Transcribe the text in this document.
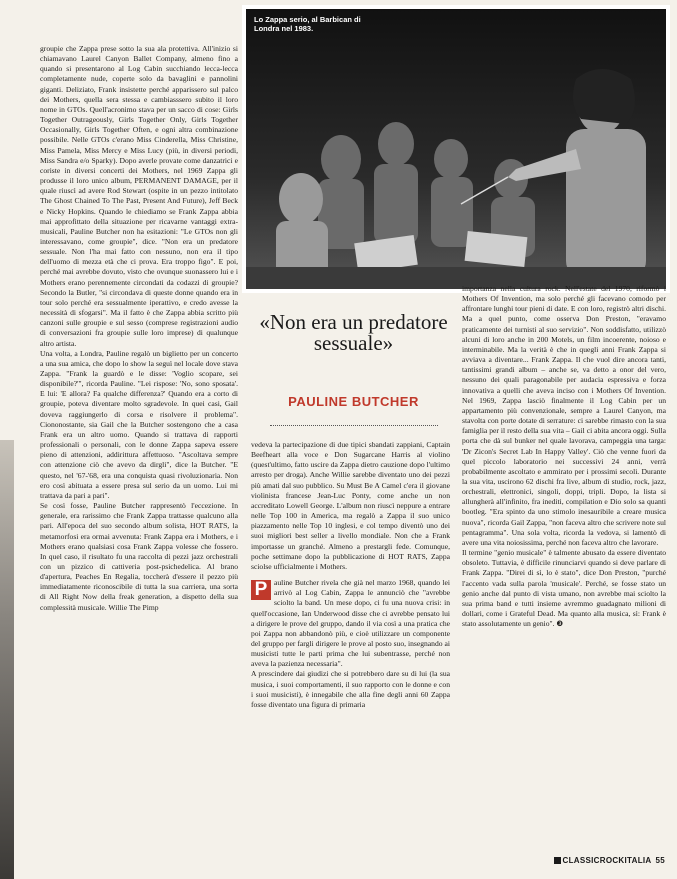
groupie che Zappa prese sotto la sua ala protettiva. All'inizio si chiamavano Laurel Canyon Ballet Company, almeno fino a quando si presentarono al Log Cabin succhiando lecca-lecca completamente nude, coperte solo da bavaglini e pannolini giganti. Deliziato, Frank insistette perché apparissero sul palco dei Mothers, quella sera stessa e cambiasssero subito il loro nome in GTOs. Quell'acronimo stava per un sacco di cose: Girls Together Outrageously, Girls Together Only, Girls Together Occasionally, Girls Together Often, e ogni altra combinazione possibile. Nelle GTOs c'erano Miss Cinderella, Miss Christine, Miss Pamela, Miss Mercy e Miss Lucy (più, in diversi periodi, Miss Sandra e/o Sparky). Dopo averle provate come danzatrici e coriste in diversi concerti dei Mothers, nel 1969 Zappa gli produsse il loro unico album, PERMANENT DAMAGE, per il quale riuscì ad avere Rod Stewart (ospite in un pezzo intitolato The Ghost Chained To The Past, Present And Future), Jeff Beck e Nicky Hopkins. Quando le chiediamo se Frank Zappa abbia mai approfittato della situazione per ricavarne vantaggi extra-musicali, Pauline Butcher non ha esitazioni: "Le GTOs non gli interessavano, come groupie", dice. "Non era un predatore sessuale. Non l'ha mai fatto con nessuno, non era il tipo dell'uomo di mezza età che ci prova. Era troppo figo". E poi, perché mai avrebbe dovuto, visto che ovunque suonassero lui e i Mothers erano perennemente circondati da codazzi di groupie? Secondo la Butler, "si circondava di queste donne quando era in tour solo perché era sessualmente iperattivo, e credo avesse la necessità di sfogarsi". Ma il fatto è che Zappa abbia scritto più canzoni sulle groupie e sul sesso (comprese registrazioni audio di conversazioni fra groupie sulle loro imprese) di qualunque altro artista.

Una volta, a Londra, Pauline regalò un biglietto per un concerto a una sua amica, che dopo lo show la seguì nel locale dove stava Zappa. "Frank la guardò e le disse: 'Voglio scopare, sei disponibile?'", ricorda Pauline. "Lei rispose: 'No, sono sposata'. E lui: 'E allora? Fa qualche differenza?' Quando era a corto di groupie, poteva diventare molto sgradevole. In quei casi, Gail doveva raggiungerlo di corsa e risolvere il problema". Ciononostante, sia Gail che la Butcher sostengono che a casa Frank era un altro uomo. Quando si trattava di rapporti professionali o personali, con le donne Zappa sapeva essere pieno di attenzioni, addirittura affettuoso. "Ascoltava sempre con attenzione ciò che avevo da dirgli", dice la Butcher. "E questo, nel '67-'68, era una conquista quasi rivoluzionaria. Non ero così abituata a essere presa sul serio da un uomo. Lui mi trattava da pari a pari".

Se così fosse, Pauline Butcher rappresentò l'eccezione. In generale, era rarissimo che Frank Zappa trattasse qualcuno alla pari. All'epoca del suo secondo album solista, HOT RATS, la metamorfosi era ormai avvenuta: Frank Zappa era i Mothers, e i Mothers erano qualsiasi cosa Frank Zappa volesse che fossero. In quel caso, il risultato fu una raccolta di pezzi jazz orchestrali con un pizzico di cattiveria post-psichedelica. Al brano d'apertura, Peaches En Regalia, toccherà d'essere il pezzo più immediatamente riconoscibile di tutta la sua carriera, una sorta di All Right Now della freak generation, a dispetto della sua complessità musicale. Willie The Pimp

Lo Zappa serio, al Barbican di Londra nel 1983.
«Non era un predatore sessuale»
PAULINE BUTCHER

vedeva la partecipazione di due tipici sbandati zappiani, Captain Beefheart alla voce e Don Sugarcane Harris al violino (quest'ultimo, fatto uscire da Zappa dietro cauzione dopo l'ultimo arresto per droga). Anche Willie sarebbe diventato uno dei pezzi più amati dal suo pubblico. Su Must Be A Camel c'era il giovane violinista francese Jean-Luc Ponty, come anche un non accreditato Lowell George. L'album non riuscì neppure a entrare nelle Top 100 in America, ma regalò a Zappa il suo unico piazzamento nelle Top 10 inglesi, e col tempo diventò uno dei suoi migliori best seller a livello mondiale. Non che a Frank importasse un granché. Almeno a prestargli fede. Comunque, poche settimane dopo la pubblicazione di HOT RATS, Zappa sciolse ufficialmente i Mothers.

P auline Butcher rivela che già nel marzo 1968, quando lei arrivò al Log Cabin, Zappa le annunciò che "avrebbe sciolto la band. Un mese dopo, ci fu una nuova crisi: in quell'occasione, Ian Underwood disse che ci avrebbe pensato lui a dirigere le prove del gruppo, dando il via così a una pratica che poi Zappa non abbandonò più, e cioè utilizzare un componente del gruppo per fargli dirigere le prove al posto suo, insegnando ai musicisti tutte le parti prima che lui subentrasse, perché non aveva la pazienza necessaria".

A prescindere dai giudizi che si potrebbero dare su di lui (la sua musica, i suoi comportamenti, il suo rapporto con le donne e con i suoi musicisti), è innegabile che alla fine degli anni 60 Zappa fosse diventato una figura di primaria

importanza nella cultura rock. Nell'estate del 1970, riformò i Mothers Of Invention, ma solo perché gli facevano comodo per affrontare lunghi tour pieni di date. E con loro, registrò altri dischi. Ma a quel punto, come osserva Don Preston, "eravamo praticamente dei turnisti al suo servizio". Non soddisfatto, utilizzò alcuni di loro anche in 200 Motels, un film incoerente, noioso e interminabile. Ma la verità è che in quegli anni Frank Zappa si avviava a diventare... Frank Zappa. Il che vuol dire ancora tanti, tantissimi grandi album – anche se, va detto a onor del vero, nessuno dei quali paragonabile per audacia espressiva e forza innovativa a quelli che aveva inciso con i Mothers Of Invention. Nel 1969, Zappa lasciò finalmente il Log Cabin per un appartamento più convenzionale, sempre a Laurel Canyon, ma stavolta con porte dotate di serrature: ci sarebbe rimasto con la sua famiglia per il resto della sua vita – Gail ci abita ancora oggi. Sulla porta che dà sul bunker nel quale lavorava, campeggia una targa: 'Dr Zicon's Secret Lab In Happy Valley'. Ciò che venne fuori da quel piccolo laboratorio nei successivi 24 anni, verrà probabilmente ascoltato e ammirato per i prossimi secoli. Durante la sua vita, uscirono 62 dischi fra live, album di studio, rock, jazz, orchestrali, elettronici, singoli, doppi, tripli. Dopo, la lista si allungherà all'infinito, fra inediti, compilation e Dio solo sa quanti bootleg. "Era spinto da uno stimolo inesauribile a creare musica nuova", ricorda Gail Zappa, "non faceva altro che scrivere note sul pentagramma". Una sola volta, ricorda la vedova, si lamentò di avere una vita noiosissima, perché non faceva altro che lavorare.

Il termine "genio musicale" è talmente abusato da essere diventato obsoleto. Tuttavia, è difficile rinunciarvi quando si deve parlare di Frank Zappa. "Direi di sì, lo è stato", dice Don Preston, "purché l'accento vada sulla parola 'musicale'. Perché, se fosse stato un genio anche dal punto di vista umano, non avrebbe mai sciolto la sua prima band e tutti insieme avremmo guadagnato milioni di dollari, come i Grateful Dead. Ma quanto alla musica, sì: Frank è stato assolutamente un genio". ❸

CLASSICROCKITALIA 55
